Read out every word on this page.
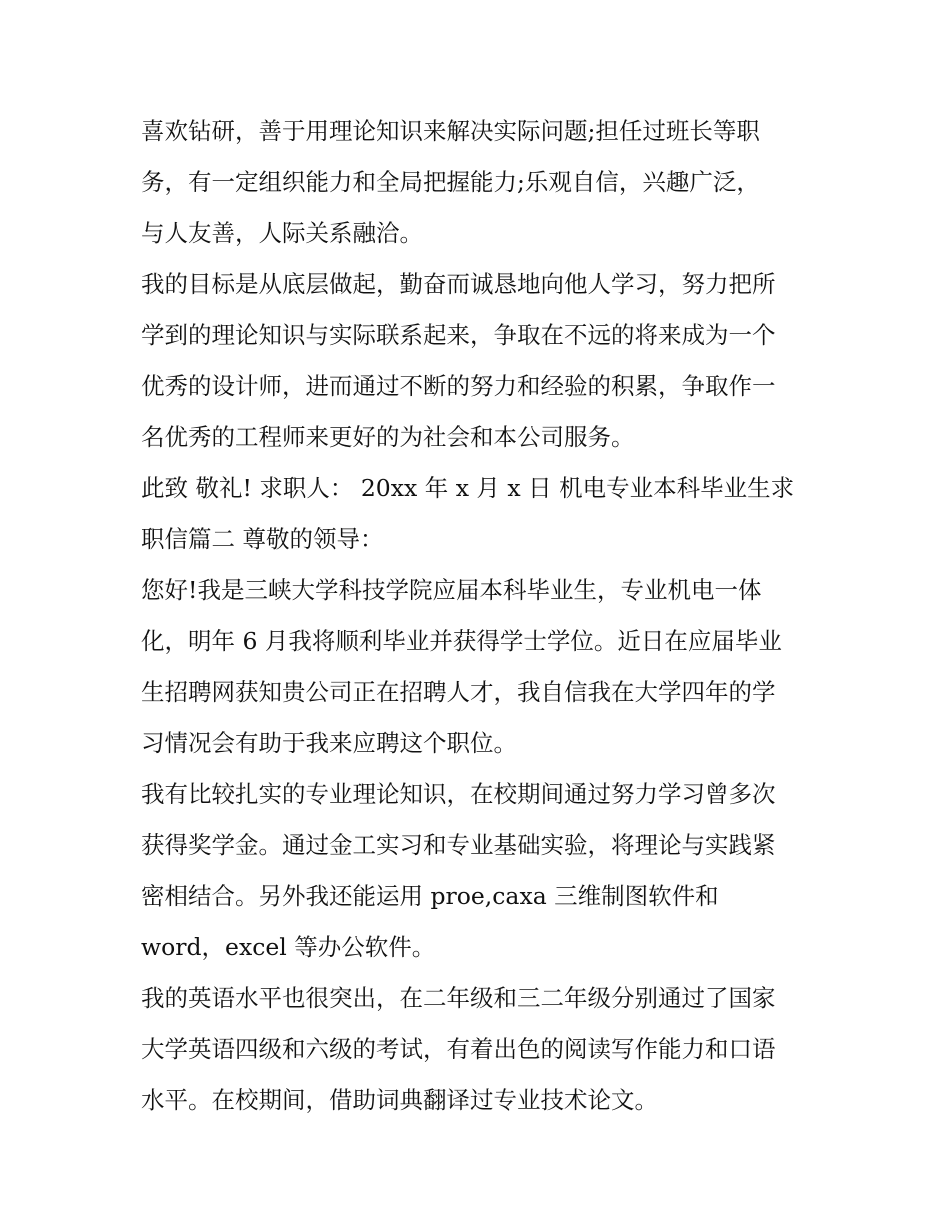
喜欢钻研，善于用理论知识来解决实际问题;担任过班长等职
务，有一定组织能力和全局把握能力;乐观自信，兴趣广泛，
与人友善，人际关系融洽。
我的目标是从底层做起，勤奋而诚恳地向他人学习，努力把所
学到的理论知识与实际联系起来，争取在不远的将来成为一个
优秀的设计师，进而通过不断的努力和经验的积累，争取作一
名优秀的工程师来更好的为社会和本公司服务。
此致 敬礼! 求职人： 20xx 年 x 月 x 日 机电专业本科毕业生求
职信篇二 尊敬的领导：
您好!我是三峡大学科技学院应届本科毕业生，专业机电一体
化，明年 6 月我将顺利毕业并获得学士学位。近日在应届毕业
生招聘网获知贵公司正在招聘人才，我自信我在大学四年的学
习情况会有助于我来应聘这个职位。
我有比较扎实的专业理论知识，在校期间通过努力学习曾多次
获得奖学金。通过金工实习和专业基础实验，将理论与实践紧
密相结合。另外我还能运用 proe,caxa 三维制图软件和
word，excel 等办公软件。
我的英语水平也很突出，在二年级和三二年级分别通过了国家
大学英语四级和六级的考试，有着出色的阅读写作能力和口语
水平。在校期间，借助词典翻译过专业技术论文。
